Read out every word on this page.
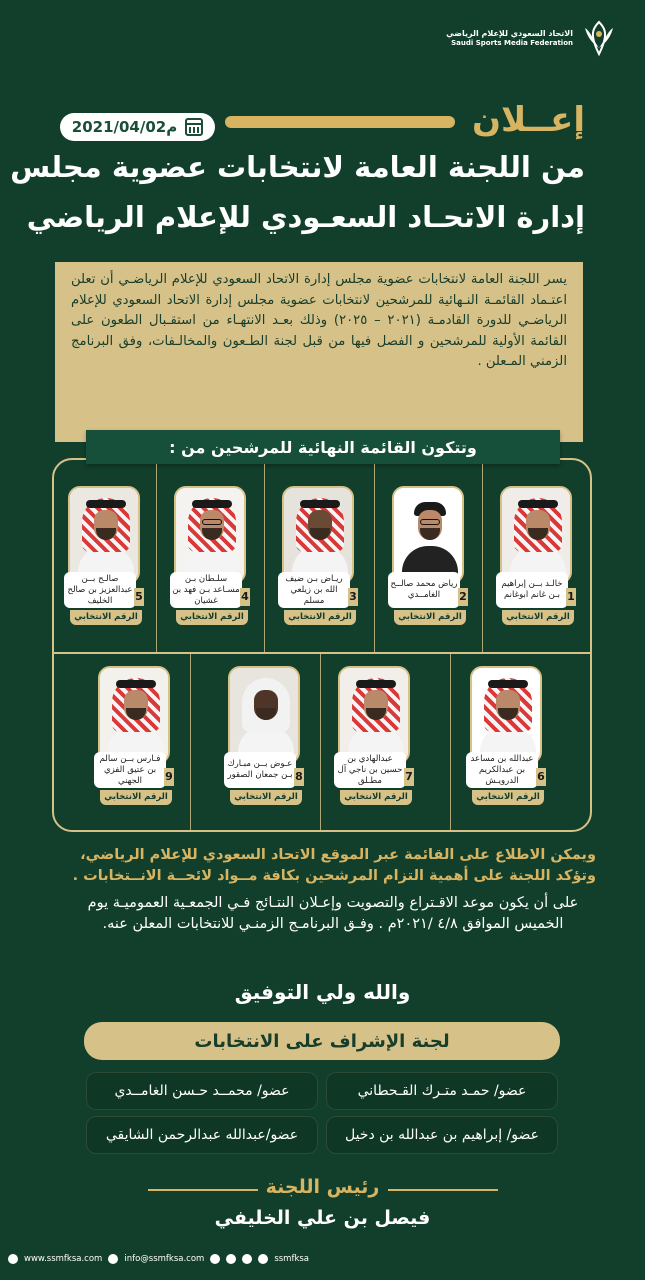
الاتحاد السعودي للإعلام الرياضي
Saudi Sports Media Federation
إعــلان
2021/04/02م
من اللجنة العامة لانتخابات عضوية مجلس
إدارة الاتحـاد السعـودي للإعلام الرياضي

يسر اللجنة العامة لانتخابات عضوية مجلس إدارة الاتحاد السعودي للإعلام الرياضـي أن تعلن اعتـماد القائمـة النـهائية للمرشحين لانتخابات عضوية مجلس إدارة الاتحاد السعودي للإعلام الرياضـي للدورة القادمـة (٢٠٢١ – ٢٠٢٥) وذلك بعـد الانتهـاء من استقـبال الطعون على القائمة الأولية للمرشحين و الفصل فيها من قبل لجنة الطـعون والمخالـفات، وفق البرنامج الزمني المـعلن .

وتتكون القائمة النهائية للمرشحين من :
خالـد بــن إبراهيم بـن غانم ابوغانم 1
الرقم الانتخابي
رياض محمد صالــح الغامــدي	2
الرقم الانتخابي
ريـاض بـن ضيف الله بن زيلعي مسلم	3
الرقم الانتخابي
سلـطان بـن مسـاعد بـن فهد بن غشيان	4
الرقم الانتخابي
صالـح بــن عبدالعزيز بن صالح الخليف	5
الرقم الانتخابي
عبدالله بن مساعد بن عبدالكريم الدرويـش	6
الرقم الانتخابي
عبدالهادي بن حسين بن ناجي آل مطـلق	7
الرقم الانتخابي
عـوض بــن مبـارك بـن جمعان الصقور 8
الرقم الانتخابي
فـارس بــن سالم بن عتيق الفزي الجهني	9
الرقم الانتخابي
ويمكن الاطلاع على القائمة عبر الموقع الاتحاد السعودي للإعلام الرياضي، وتؤكد اللجنة على أهمية التزام المرشحين بكافة مــواد لائحــة الانــتخابات .
على أن يكون موعد الاقـتراع والتصويت وإعـلان النتـائج فـي الجمعـية العموميـة يوم الخميس الموافق ٤/٨ /٢٠٢١م . وفـق البرنامـج الزمنـي للانتخابات المعلن عنه.
والله ولي التوفيق
لجنة الإشراف على الانتخابات
عضو/ حمـد متـرك القـحطاني
عضو/ محمــد حـسن الغامــدي
عضو/ إبراهيم بن عبدالله بن دخيل
عضو/عبدالله عبدالرحمن الشايقي
رئيس اللجنة
فيصل بن علي الخليفي
www.ssmfksa.com	info@ssmfksa.com	ssmfksa
